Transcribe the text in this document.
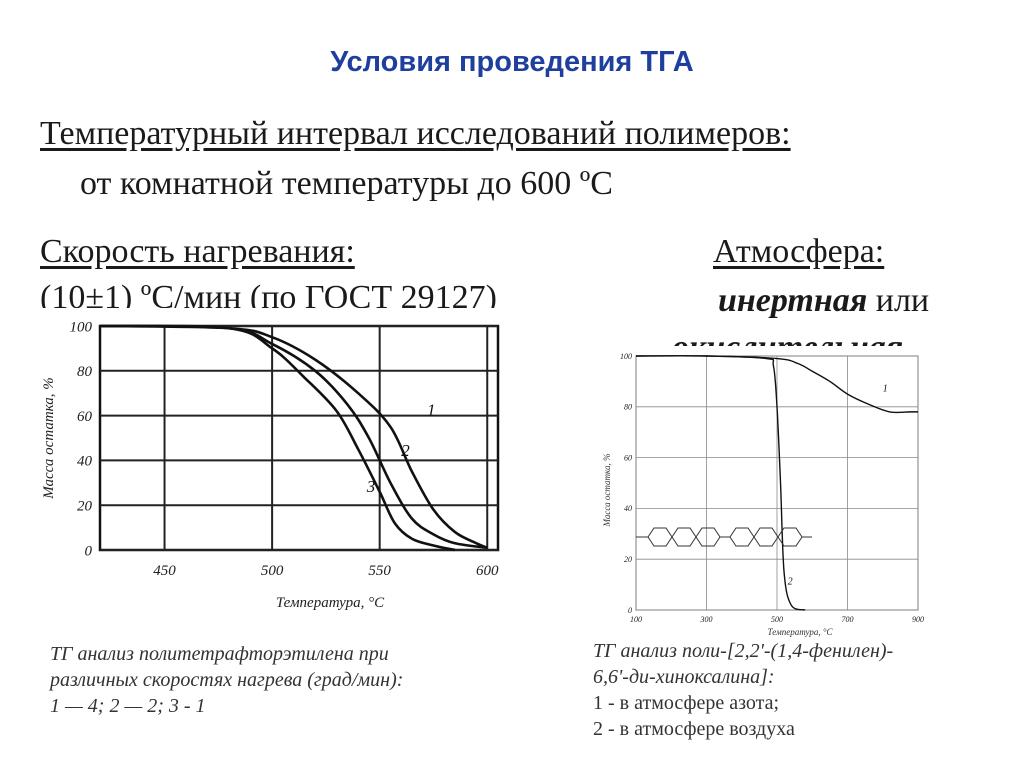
Условия проведения ТГА
Температурный интервал исследований полимеров:
от комнатной температуры до 600 ºС
Скорость нагревания:
(10±1) ºС/мин (по ГОСТ 29127)
Атмосфера:
инертная или
окислительная
1
2
3
0
20
40
60
80
100
450	500	550	600
Масса остатка, %
Температура, °С
1
2
0
20
40
60
80
100
100	300	500	700	900
Масса остатка, %
Температура, °С
ТГ анализ политетрафторэтилена при
различных скоростях нагрева (град/мин):
1 — 4; 2 — 2; 3 - 1
ТГ анализ поли-[2,2'-(1,4-фенилен)-
6,6'-ди-хиноксалина]:
1 - в атмосфере азота;
2 - в атмосфере воздуха
